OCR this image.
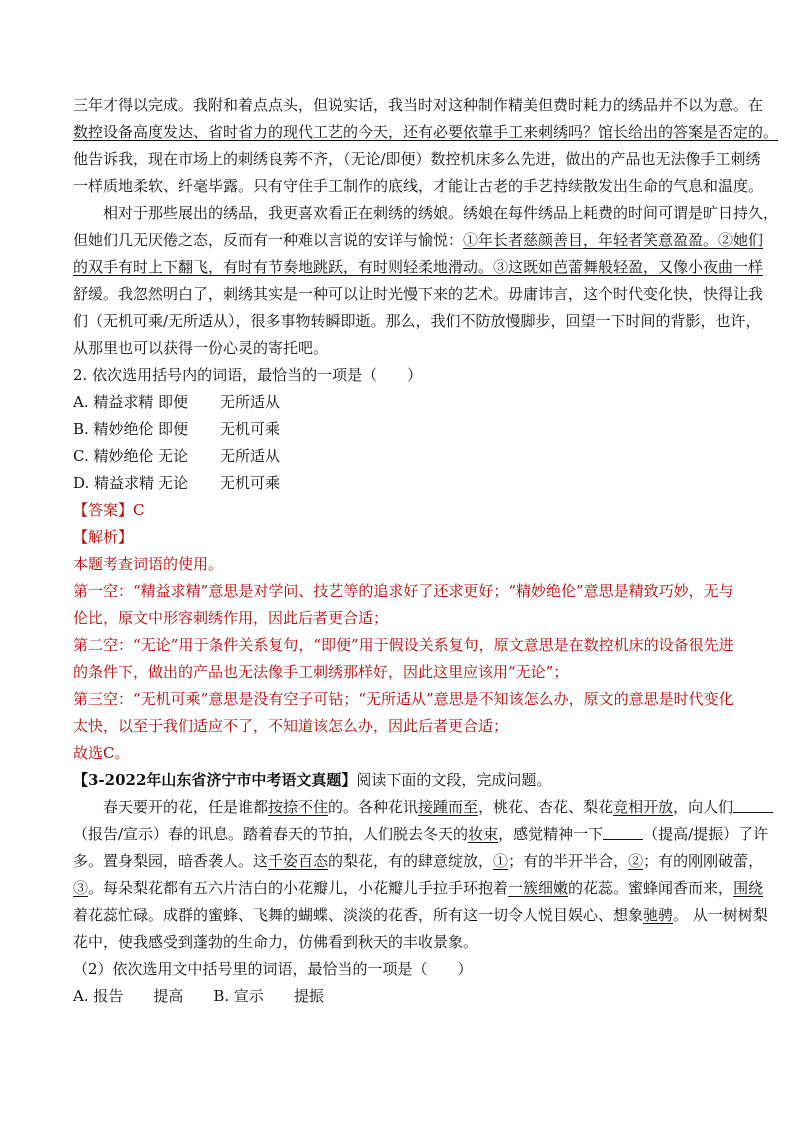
三年才得以完成。我附和着点点头，但说实话，我当时对这种制作精美但费时耗力的绣品并不以为意。在
数控设备高度发达、省时省力的现代工艺的今天，还有必要依靠手工来刺绣吗？馆长给出的答案是否定的。
他告诉我，现在市场上的刺绣良莠不齐，（无论/即便）数控机床多么先进，做出的产品也无法像手工刺绣
一样质地柔软、纤毫毕露。只有守住手工制作的底线，才能让古老的手艺持续散发出生命的气息和温度。
相对于那些展出的绣品，我更喜欢看正在刺绣的绣娘。绣娘在每件绣品上耗费的时间可谓是旷日持久，
但她们几无厌倦之态，反而有一种难以言说的安详与愉悦：①年长者慈颜善目，年轻者笑意盈盈。②她们
的双手有时上下翻飞，有时有节奏地跳跃，有时则轻柔地滑动。③这既如芭蕾舞般轻盈，又像小夜曲一样
舒缓。我忽然明白了，刺绣其实是一种可以让时光慢下来的艺术。毋庸讳言，这个时代变化快，快得让我
们（无机可乘/无所适从），很多事物转瞬即逝。那么，我们不防放慢脚步，回望一下时间的背影，也许，
从那里也可以获得一份心灵的寄托吧。
2. 依次选用括号内的词语，最恰当的一项是（　　）
A. 精益求精 即便 无所适从
B. 精妙绝伦 即便 无机可乘
C. 精妙绝伦 无论 无所适从
D. 精益求精 无论 无机可乘
【答案】C
【解析】
本题考查词语的使用。
第一空：“精益求精”意思是对学问、技艺等的追求好了还求更好；“精妙绝伦”意思是精致巧妙，无与
伦比，原文中形容刺绣作用，因此后者更合适；
第二空：“无论”用于条件关系复句，“即便”用于假设关系复句，原文意思是在数控机床的设备很先进
的条件下，做出的产品也无法像手工刺绣那样好，因此这里应该用“无论”；
第三空：“无机可乘”意思是没有空子可钻；“无所适从”意思是不知该怎么办，原文的意思是时代变化
太快，以至于我们适应不了，不知道该怎么办，因此后者更合适；
故选C。
【3-2022年山东省济宁市中考语文真题】阅读下面的文段，完成问题。
春天要开的花，任是谁都按捺不住的。各种花讯接踵而至，桃花、杏花、梨花竞相开放，向人们
（报告/宣示）春的讯息。踏着春天的节拍，人们脱去冬天的妆束，感觉精神一下	（提高/提振）了许
多。置身梨园，暗香袭人。这千姿百态的梨花，有的肆意绽放，①；有的半开半合，②；有的刚刚破蕾，
③。每朵梨花都有五六片洁白的小花瓣儿，小花瓣儿手拉手环抱着一簇细嫩的花蕊。蜜蜂闻香而来，围绕
着花蕊忙碌。成群的蜜蜂、飞舞的蝴蝶、淡淡的花香，所有这一切令人悦目娱心、想象驰骋。 从一树树梨
花中，使我感受到蓬勃的生命力，仿佛看到秋天的丰收景象。
（2）依次选用文中括号里的词语，最恰当的一项是（　　）
A. 报告　　提高　　B. 宣示　　提振
